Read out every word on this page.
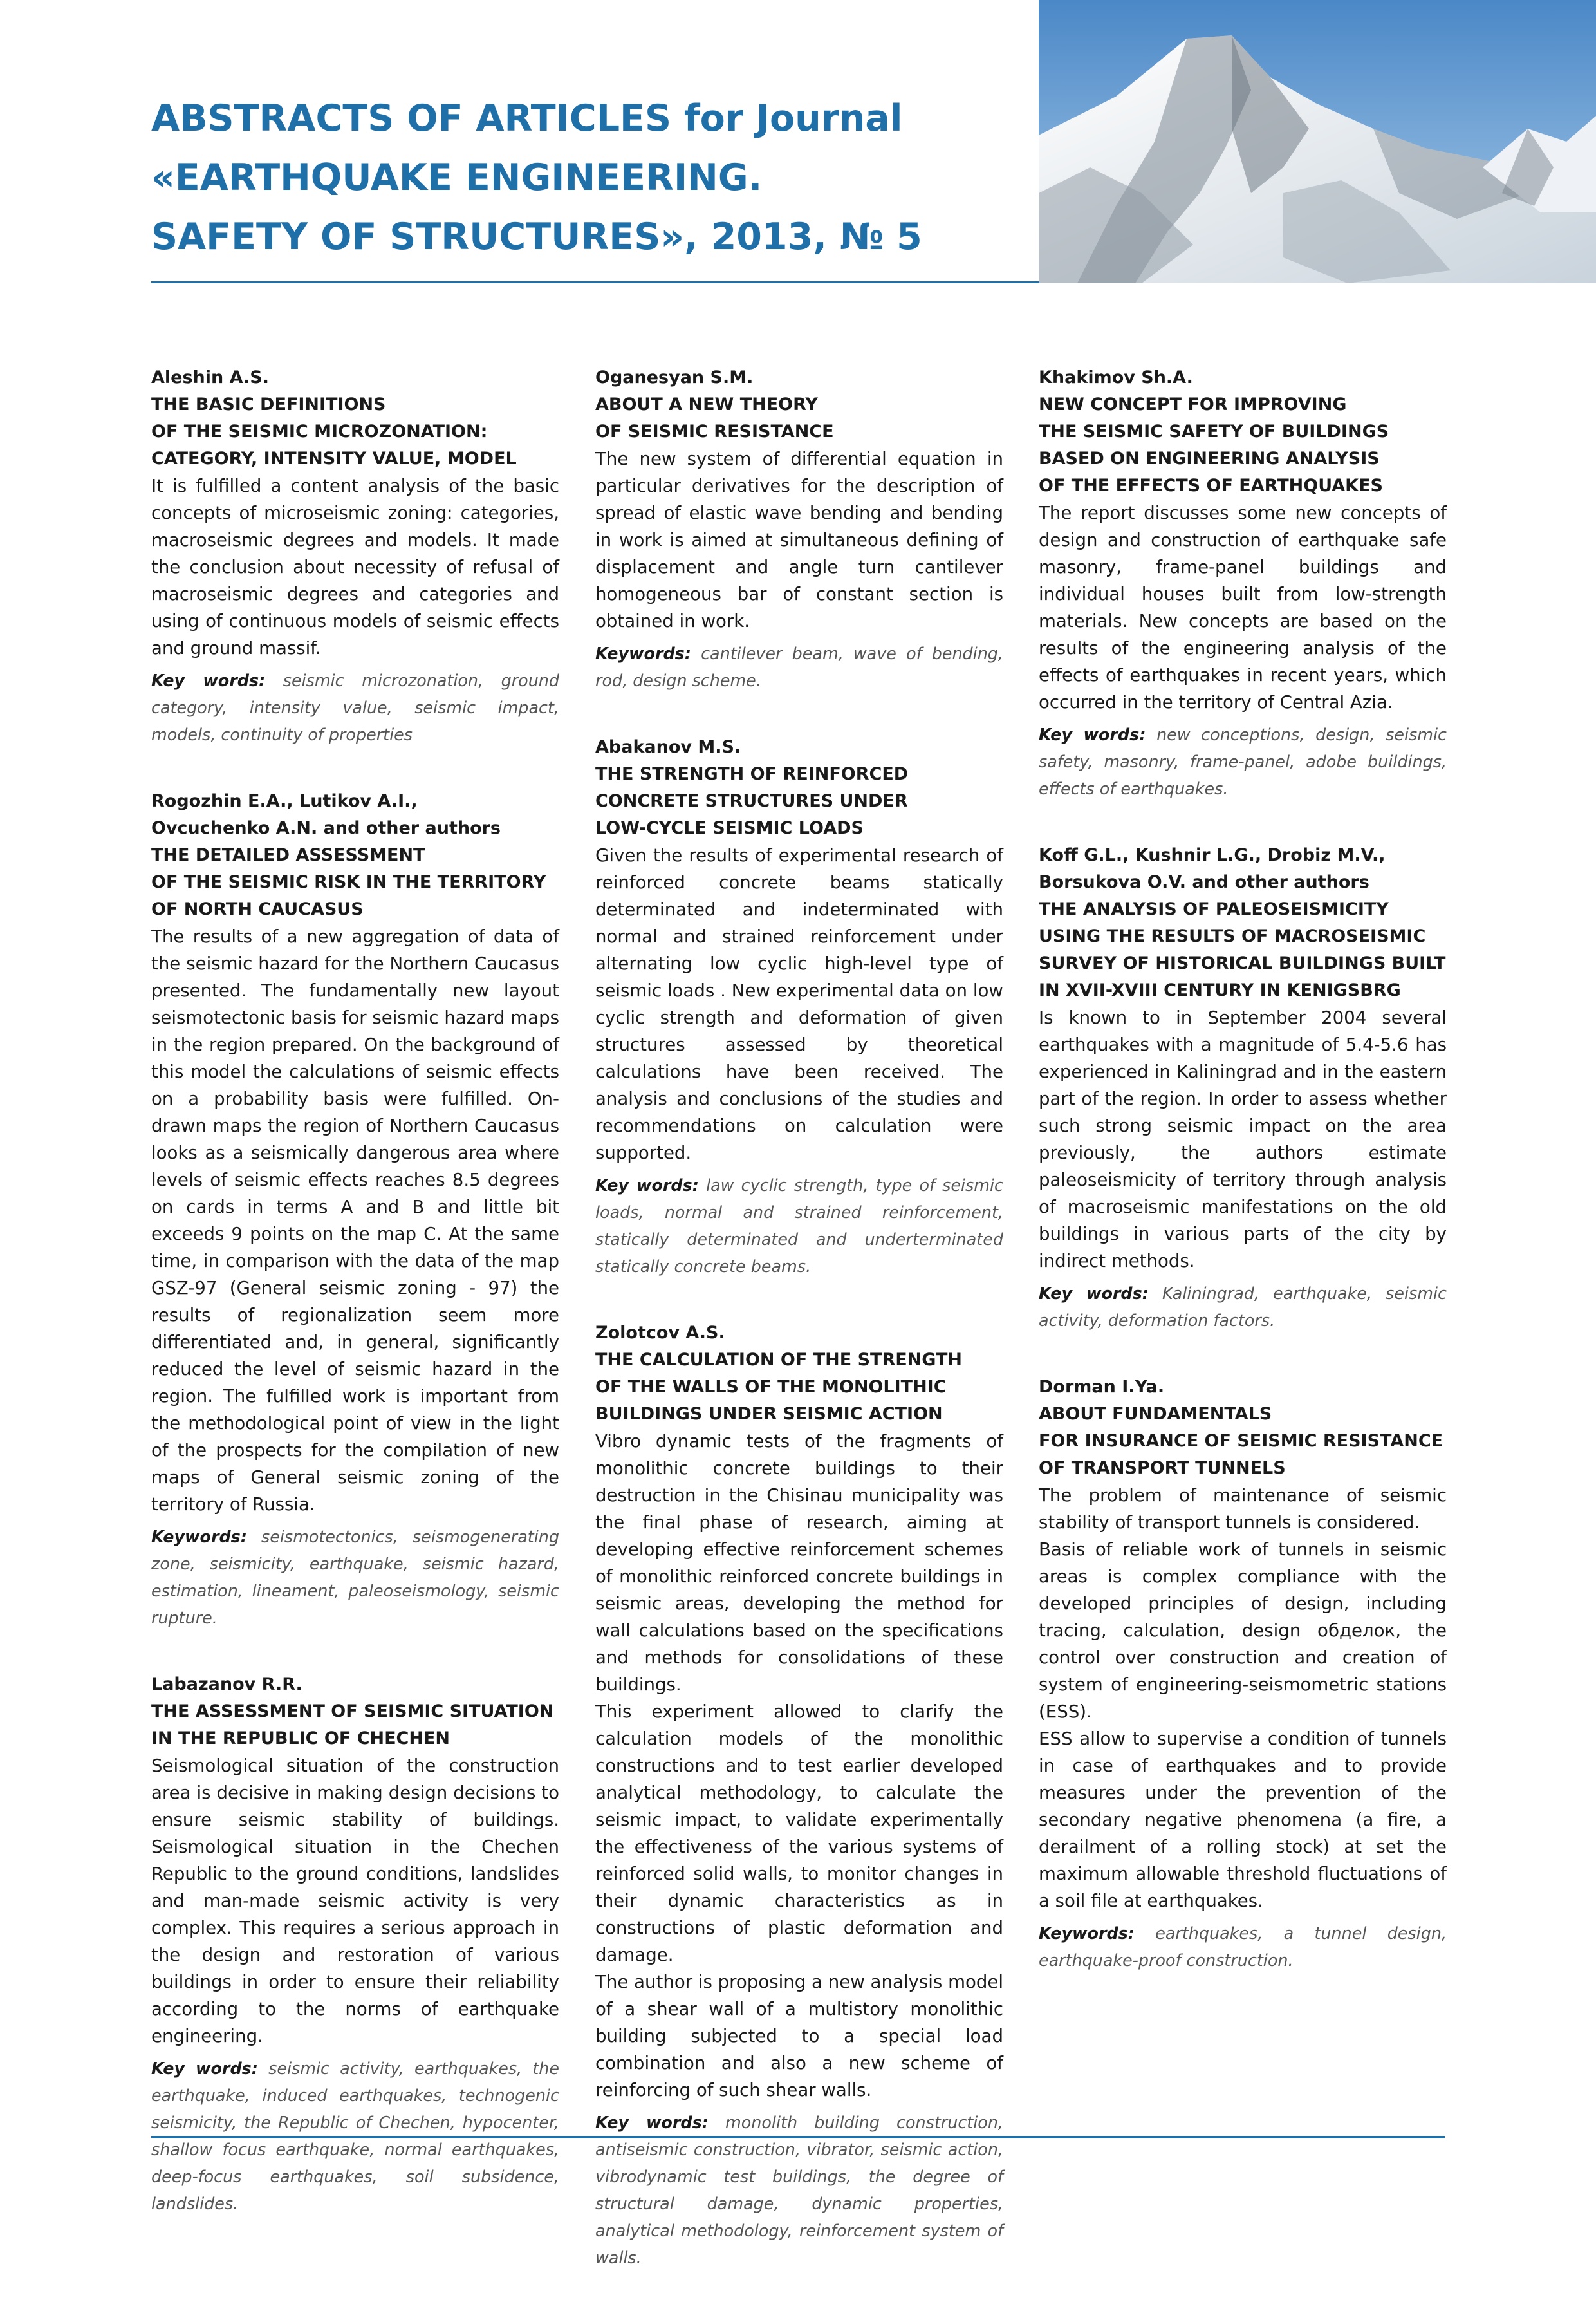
ABSTRACTS OF ARTICLES for Journal
«EARTHQUAKE ENGINEERING.
SAFETY OF STRUCTURES», 2013, № 5

Aleshin A.S.

THE BASIC DEFINITIONS
OF THE SEISMIC MICROZONATION:
CATEGORY, INTENSITY VALUE, MODEL

It is fulfilled a content analysis of the basic concepts of microseismic zoning: categories, macroseismic degrees and models. It made the conclusion about necessity of refusal of macroseismic degrees and categories and using of continuous models of seismic effects and ground massif.

Key words: seismic microzonation, ground category, intensity value, seismic impact, models, continuity of properties

Rogozhin E.A., Lutikov A.I.,
Ovcuchenko A.N. and other authors

THE DETAILED ASSESSMENT
OF THE SEISMIC RISK IN THE TERRITORY
OF NORTH CAUCASUS

The results of a new aggregation of data of the seismic hazard for the Northern Caucasus presented. The fundamentally new layout seismotectonic basis for seismic hazard maps in the region prepared. On the background of this model the calculations of seismic effects on a probability basis were fulfilled. On-drawn maps the region of Northern Caucasus looks as a seismically dangerous area where levels of seismic effects reaches 8.5 degrees on cards in terms A and B and little bit exceeds 9 points on the map C. At the same time, in comparison with the data of the map GSZ-97 (General seismic zoning - 97) the results of regionalization seem more differentiated and, in general, significantly reduced the level of seismic hazard in the region. The fulfilled work is important from the methodological point of view in the light of the prospects for the compilation of new maps of General seismic zoning of the territory of Russia.

Keywords: seismotectonics, seismogenerating zone, seismicity, earthquake, seismic hazard, estimation, lineament, paleoseismology, seismic rupture.

Labazanov R.R.

THE ASSESSMENT OF SEISMIC SITUATION
IN THE REPUBLIC OF CHECHEN

Seismological situation of the construction area is decisive in making design decisions to ensure seismic stability of buildings. Seismological situation in the Chechen Republic to the ground conditions, landslides and man-made seismic activity is very complex. This requires a serious approach in the design and restoration of various buildings in order to ensure their reliability according to the norms of earthquake engineering.

Key words: seismic activity, earthquakes, the earthquake, induced earthquakes, technogenic seismicity, the Republic of Chechen, hypocenter, shallow focus earthquake, normal earthquakes, deep-focus earthquakes, soil subsidence, landslides.

Oganesyan S.M.

ABOUT A NEW THEORY
OF SEISMIC RESISTANCE

The new system of differential equation in particular derivatives for the description of spread of elastic wave bending and bending in work is aimed at simultaneous defining of displacement and angle turn cantilever homogeneous bar of constant section is obtained in work.

Keywords: cantilever beam, wave of bending, rod, design scheme.

Abakanov M.S.

THE STRENGTH OF REINFORCED
CONCRETE STRUCTURES UNDER
LOW-CYCLE SEISMIC LOADS

Given the results of experimental research of reinforced concrete beams statically determinated and indeterminated with normal and strained reinforcement under alternating low cyclic high-level type of seismic loads . New experimental data on low cyclic strength and deformation of given structures assessed by theoretical calculations have been received. The analysis and conclusions of the studies and recommendations on calculation were supported.

Key words: law cyclic strength, type of seismic loads, normal and strained reinforcement, statically determinated and underterminated statically concrete beams.

Zolotcov A.S.

THE CALCULATION OF THE STRENGTH
OF THE WALLS OF THE MONOLITHIC
BUILDINGS UNDER SEISMIC ACTION

Vibro dynamic tests of the fragments of monolithic concrete buildings to their destruction in the Chisinau municipality was the final phase of research, aiming at developing effective reinforcement schemes of monolithic reinforced concrete buildings in seismic areas, developing the method for wall calculations based on the specifications and methods for consolidations of these buildings.

This experiment allowed to clarify the calculation models of the monolithic constructions and to test earlier developed analytical methodology, to calculate the seismic impact, to validate experimentally the effectiveness of the various systems of reinforced solid walls, to monitor changes in their dynamic characteristics as in constructions of plastic deformation and damage.

The author is proposing a new analysis model of a shear wall of a multistory monolithic building subjected to a special load combination and also a new scheme of reinforcing of such shear walls.

Key words: monolith building construction, antiseismic construction, vibrator, seismic action, vibrodynamic test buildings, the degree of structural damage, dynamic properties, analytical methodology, reinforcement system of walls.

Khakimov Sh.A.

NEW CONCEPT FOR IMPROVING
THE SEISMIC SAFETY OF BUILDINGS
BASED ON ENGINEERING ANALYSIS
OF THE EFFECTS OF EARTHQUAKES

The report discusses some new concepts of design and construction of earthquake safe masonry, frame-panel buildings and individual houses built from low-strength materials. New concepts are based on the results of the engineering analysis of the effects of earthquakes in recent years, which occurred in the territory of Central Azia.

Key words: new conceptions, design, seismic safety, masonry, frame-panel, adobe buildings, effects of earthquakes.

Koff G.L., Kushnir L.G., Drobiz M.V.,
Borsukova O.V. and other authors

THE ANALYSIS OF PALEOSEISMICITY
USING THE RESULTS OF MACROSEISMIC
SURVEY OF HISTORICAL BUILDINGS BUILT
IN XVII-XVIII CENTURY IN KENIGSBRG

Is known to in September 2004 several earthquakes with a magnitude of 5.4-5.6 has experienced in Kaliningrad and in the eastern part of the region. In order to assess whether such strong seismic impact on the area previously, the authors estimate paleoseismicity of territory through analysis of macroseismic manifestations on the old buildings in various parts of the city by indirect methods.

Key words: Kaliningrad, earthquake, seismic activity, deformation factors.

Dorman I.Ya.

ABOUT FUNDAMENTALS
FOR INSURANCE OF SEISMIC RESISTANCE
OF TRANSPORT TUNNELS

The problem of maintenance of seismic stability of transport tunnels is considered.

Basis of reliable work of tunnels in seismic areas is complex compliance with the developed principles of design, including tracing, calculation, design обделок, the control over construction and creation of system of engineering-seismometric stations (ESS).

ESS allow to supervise a condition of tunnels in case of earthquakes and to provide measures under the prevention of the secondary negative phenomena (a fire, a derailment of a rolling stock) at set the maximum allowable threshold fluctuations of a soil file at earthquakes.

Keywords: earthquakes, a tunnel design, earthquake-proof construction.
